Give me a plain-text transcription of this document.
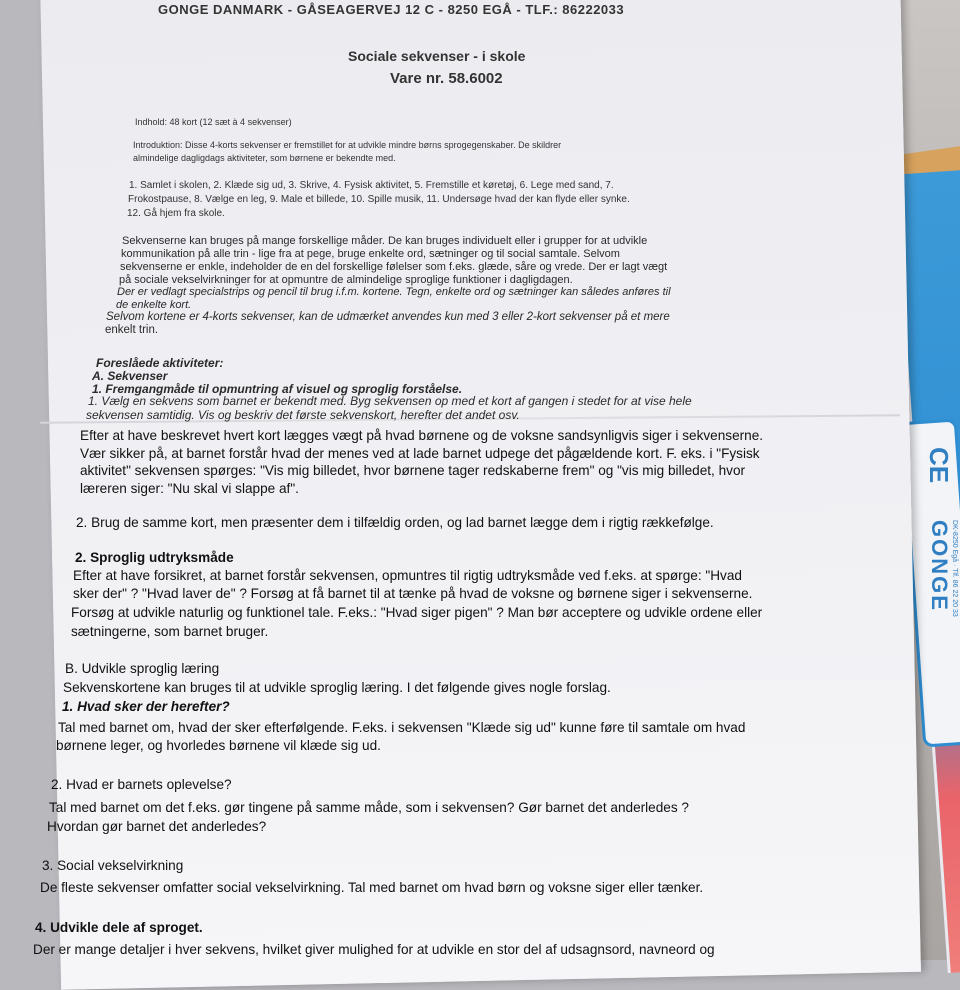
CE
GONGE DK-8250 Egå · Tlf. 86 22 20 33
GONGE DANMARK - GÅSEAGERVEJ 12 C - 8250 EGÅ - TLF.: 86222033
Sociale sekvenser - i skole
Vare nr. 58.6002
Indhold: 48 kort (12 sæt à 4 sekvenser)
Introduktion: Disse 4-korts sekvenser er fremstillet for at udvikle mindre børns sprogegenskaber. De skildrer
almindelige dagligdags aktiviteter, som børnene er bekendte med.
1. Samlet i skolen, 2. Klæde sig ud, 3. Skrive, 4. Fysisk aktivitet, 5. Fremstille et køretøj, 6. Lege med sand, 7.
Frokostpause, 8. Vælge en leg, 9. Male et billede, 10. Spille musik, 11. Undersøge hvad der kan flyde eller synke.
12. Gå hjem fra skole.
Sekvenserne kan bruges på mange forskellige måder. De kan bruges individuelt eller i grupper for at udvikle
kommunikation på alle trin - lige fra at pege, bruge enkelte ord, sætninger og til social samtale. Selvom
sekvenserne er enkle, indeholder de en del forskellige følelser som f.eks. glæde, såre og vrede. Der er lagt vægt
på sociale vekselvirkninger for at opmuntre de almindelige sproglige funktioner i dagligdagen.
Der er vedlagt specialstrips og pencil til brug i.f.m. kortene. Tegn, enkelte ord og sætninger kan således anføres til
de enkelte kort.
Selvom kortene er 4-korts sekvenser, kan de udmærket anvendes kun med 3 eller 2-kort sekvenser på et mere
enkelt trin.
Foreslåede aktiviteter:
A. Sekvenser
1. Fremgangmåde til opmuntring af visuel og sproglig forståelse.
1. Vælg en sekvens som barnet er bekendt med. Byg sekvensen op med et kort af gangen i stedet for at vise hele
sekvensen samtidig. Vis og beskriv det første sekvenskort, herefter det andet osv.
Efter at have beskrevet hvert kort lægges vægt på hvad børnene og de voksne sandsynligvis siger i sekvenserne.
Vær sikker på, at barnet forstår hvad der menes ved at lade barnet udpege det pågældende kort. F. eks. i "Fysisk
aktivitet" sekvensen spørges: "Vis mig billedet, hvor børnene tager redskaberne frem" og "vis mig billedet, hvor
læreren siger: "Nu skal vi slappe af".
2. Brug de samme kort, men præsenter dem i tilfældig orden, og lad barnet lægge dem i rigtig rækkefølge.
2. Sproglig udtryksmåde
Efter at have forsikret, at barnet forstår sekvensen, opmuntres til rigtig udtryksmåde ved f.eks. at spørge: "Hvad
sker der" ? "Hvad laver de" ? Forsøg at få barnet til at tænke på hvad de voksne og børnene siger i sekvenserne.
Forsøg at udvikle naturlig og funktionel tale. F.eks.: "Hvad siger pigen" ? Man bør acceptere og udvikle ordene eller
sætningerne, som barnet bruger.
B. Udvikle sproglig læring
Sekvenskortene kan bruges til at udvikle sproglig læring. I det følgende gives nogle forslag.
1. Hvad sker der herefter?
Tal med barnet om, hvad der sker efterfølgende. F.eks. i sekvensen "Klæde sig ud" kunne føre til samtale om hvad
børnene leger, og hvorledes børnene vil klæde sig ud.
2. Hvad er barnets oplevelse?
Tal med barnet om det f.eks. gør tingene på samme måde, som i sekvensen? Gør barnet det anderledes ?
Hvordan gør barnet det anderledes?
3. Social vekselvirkning
De fleste sekvenser omfatter social vekselvirkning. Tal med barnet om hvad børn og voksne siger eller tænker.
4. Udvikle dele af sproget.
Der er mange detaljer i hver sekvens, hvilket giver mulighed for at udvikle en stor del af udsagnsord, navneord og
